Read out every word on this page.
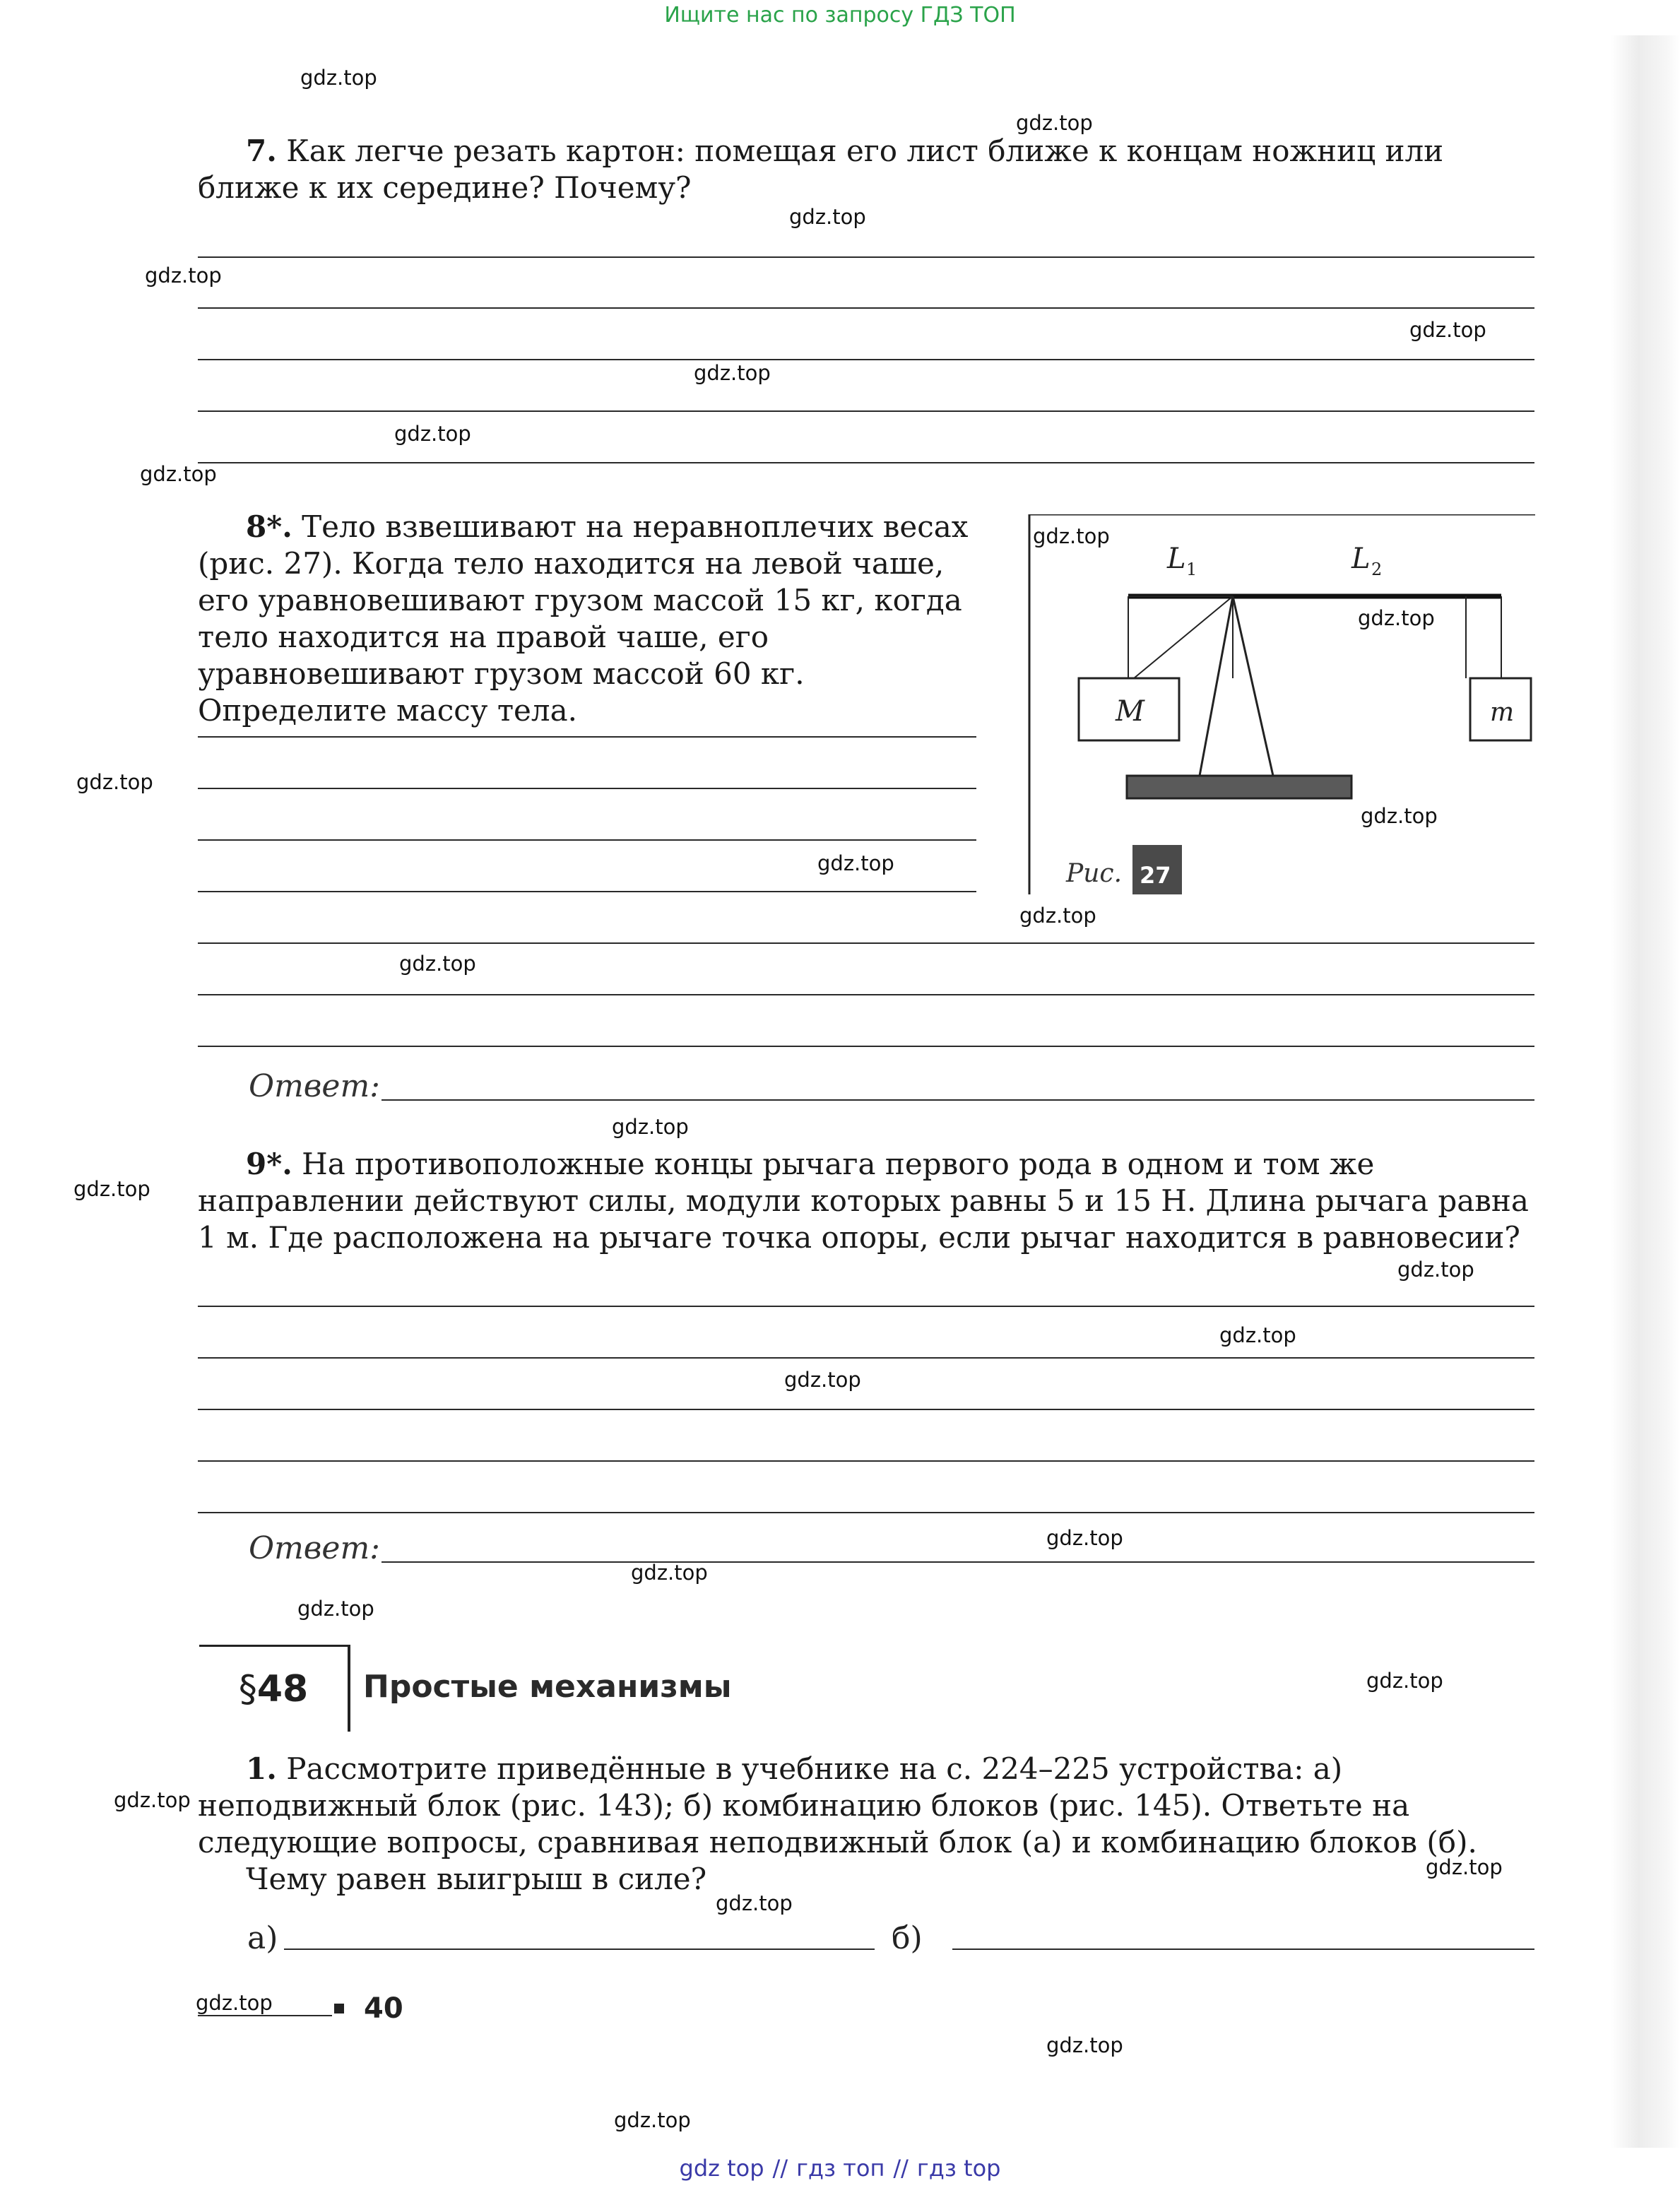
Ищите нас по запросу ГДЗ ТОП
7. Как легче резать картон: помещая его лист ближе к концам ножниц или ближе к их середине? Почему?
8*. Тело взвешивают на неравноплечих весах (рис. 27). Когда тело находится на левой чаше, его уравновешивают грузом массой 15 кг, когда тело находится на правой чаше, его уравновешивают грузом массой 60 кг. Определите массу тела.
Ответ:
L 1	L 2
M	m
Рис. 27
9*. На противоположные концы рычага первого рода в одном и том же направлении действуют силы, модули которых равны 5 и 15 Н. Длина рычага равна 1 м. Где расположена на рычаге точка опоры, если рычаг находится в равновесии?
Ответ:
§48	Простые механизмы
1. Рассмотрите приведённые в учебнике на с. 224–225 устройства: а) неподвижный блок (рис. 143); б) комбинацию блоков (рис. 145). Ответьте на следующие вопросы, сравнивая неподвижный блок (а) и комбинацию блоков (б).
Чему равен выигрыш в силе?
а)	б)
40
gdz.top
gdz.top
gdz.top
gdz.top
gdz.top
gdz.top
gdz.top
gdz.top
gdz.top
gdz.top
gdz.top
gdz.top
gdz.top
gdz.top
gdz.top
gdz.top
gdz.top
gdz.top
gdz.top
gdz.top
gdz.top
gdz.top
gdz.top
gdz.top
gdz.top
gdz.top
gdz.top
gdz.top
gdz.top
gdz.top
gdz top // гдз топ // гдз top
